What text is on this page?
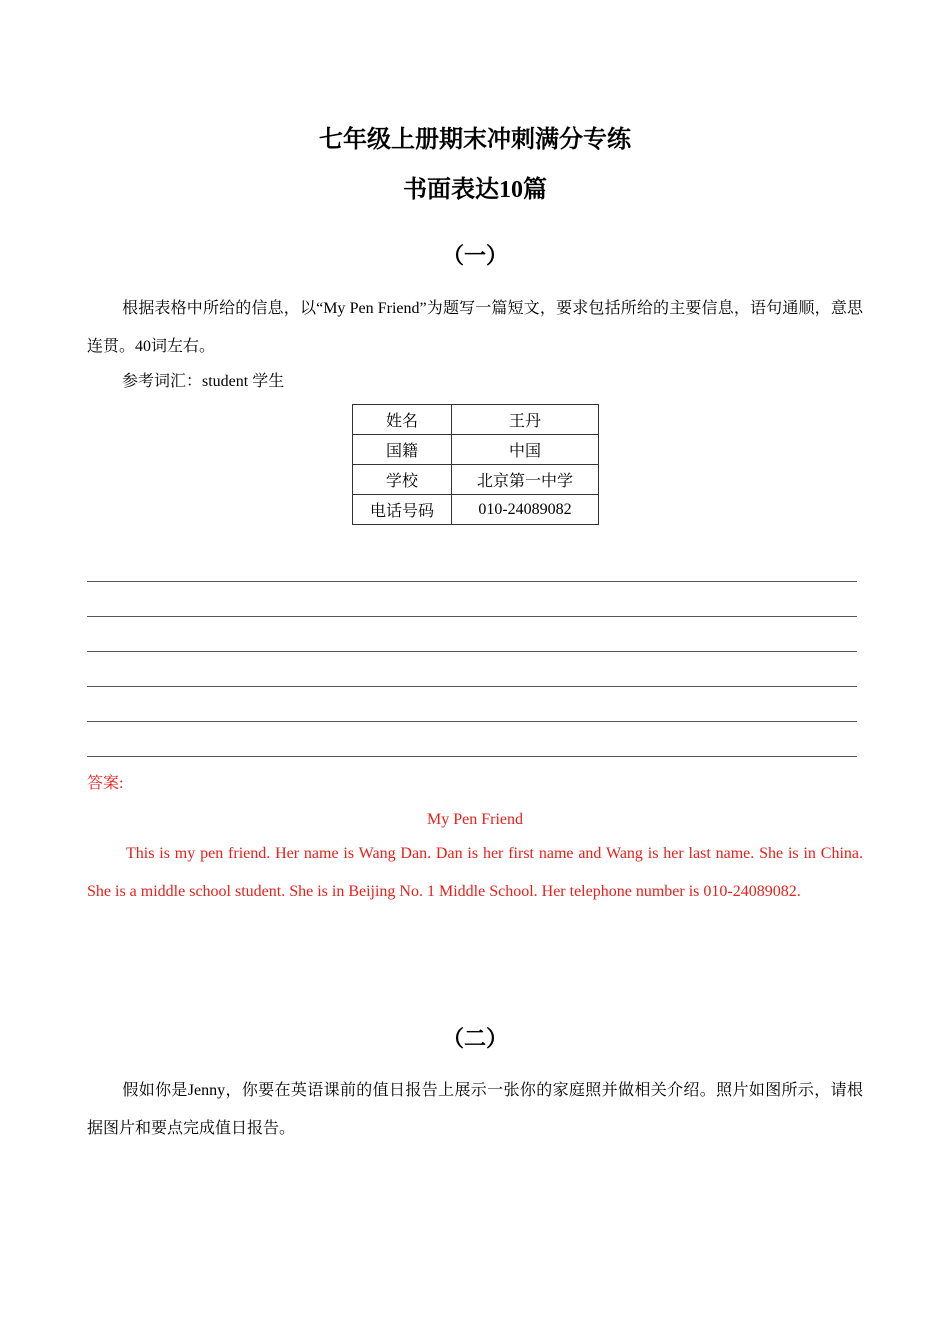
七年级上册期末冲刺满分专练
书面表达10篇
（一）
根据表格中所给的信息，以“My Pen Friend”为题写一篇短文，要求包括所给的主要信息，语句通顺，意思连贯。40词左右。
参考词汇：student 学生
姓名	王丹
国籍	中国
学校	北京第一中学
电话号码	010-24089082
答案:
My Pen Friend
This is my pen friend. Her name is Wang Dan. Dan is her first name and Wang is her last name. She is in China. She is a middle school student. She is in Beijing No. 1 Middle School. Her telephone number is 010-24089082.
（二）
假如你是Jenny，你要在英语课前的值日报告上展示一张你的家庭照并做相关介绍。照片如图所示，请根据图片和要点完成值日报告。
